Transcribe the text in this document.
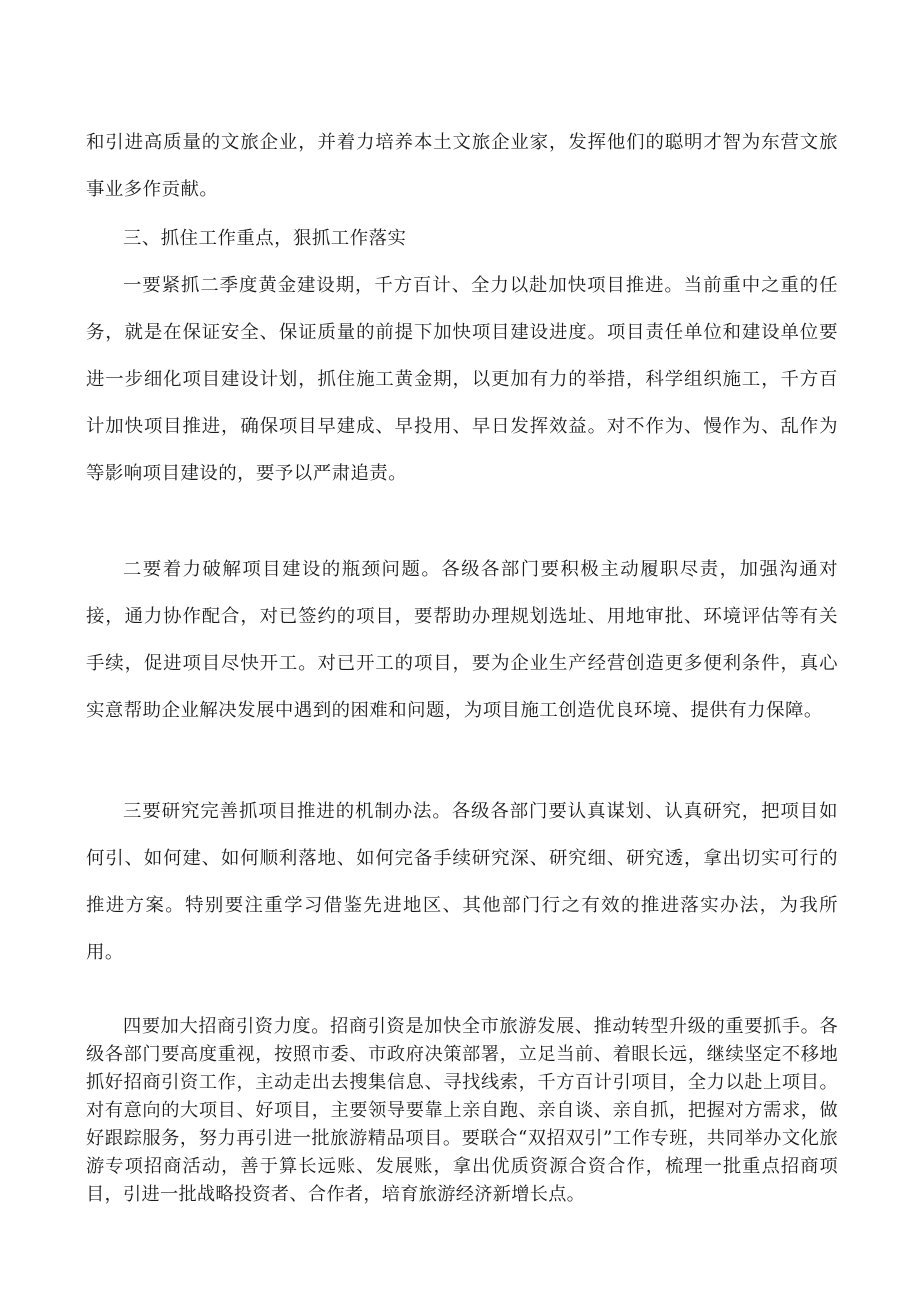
和引进高质量的文旅企业，并着力培养本土文旅企业家，发挥他们的聪明才智为东营文旅事业多作贡献。

三、抓住工作重点，狠抓工作落实

一要紧抓二季度黄金建设期，千方百计、全力以赴加快项目推进。当前重中之重的任务，就是在保证安全、保证质量的前提下加快项目建设进度。项目责任单位和建设单位要进一步细化项目建设计划，抓住施工黄金期，以更加有力的举措，科学组织施工，千方百计加快项目推进，确保项目早建成、早投用、早日发挥效益。对不作为、慢作为、乱作为等影响项目建设的，要予以严肃追责。

二要着力破解项目建设的瓶颈问题。各级各部门要积极主动履职尽责，加强沟通对接，通力协作配合，对已签约的项目，要帮助办理规划选址、用地审批、环境评估等有关手续，促进项目尽快开工。对已开工的项目，要为企业生产经营创造更多便利条件，真心实意帮助企业解决发展中遇到的困难和问题，为项目施工创造优良环境、提供有力保障。

三要研究完善抓项目推进的机制办法。各级各部门要认真谋划、认真研究，把项目如何引、如何建、如何顺利落地、如何完备手续研究深、研究细、研究透，拿出切实可行的推进方案。特别要注重学习借鉴先进地区、其他部门行之有效的推进落实办法，为我所用。

四要加大招商引资力度。招商引资是加快全市旅游发展、推动转型升级的重要抓手。各级各部门要高度重视，按照市委、市政府决策部署，立足当前、着眼长远，继续坚定不移地抓好招商引资工作，主动走出去搜集信息、寻找线索，千方百计引项目，全力以赴上项目。对有意向的大项目、好项目，主要领导要靠上亲自跑、亲自谈、亲自抓，把握对方需求，做好跟踪服务，努力再引进一批旅游精品项目。要联合“双招双引”工作专班，共同举办文化旅游专项招商活动，善于算长远账、发展账，拿出优质资源合资合作，梳理一批重点招商项目，引进一批战略投资者、合作者，培育旅游经济新增长点。
